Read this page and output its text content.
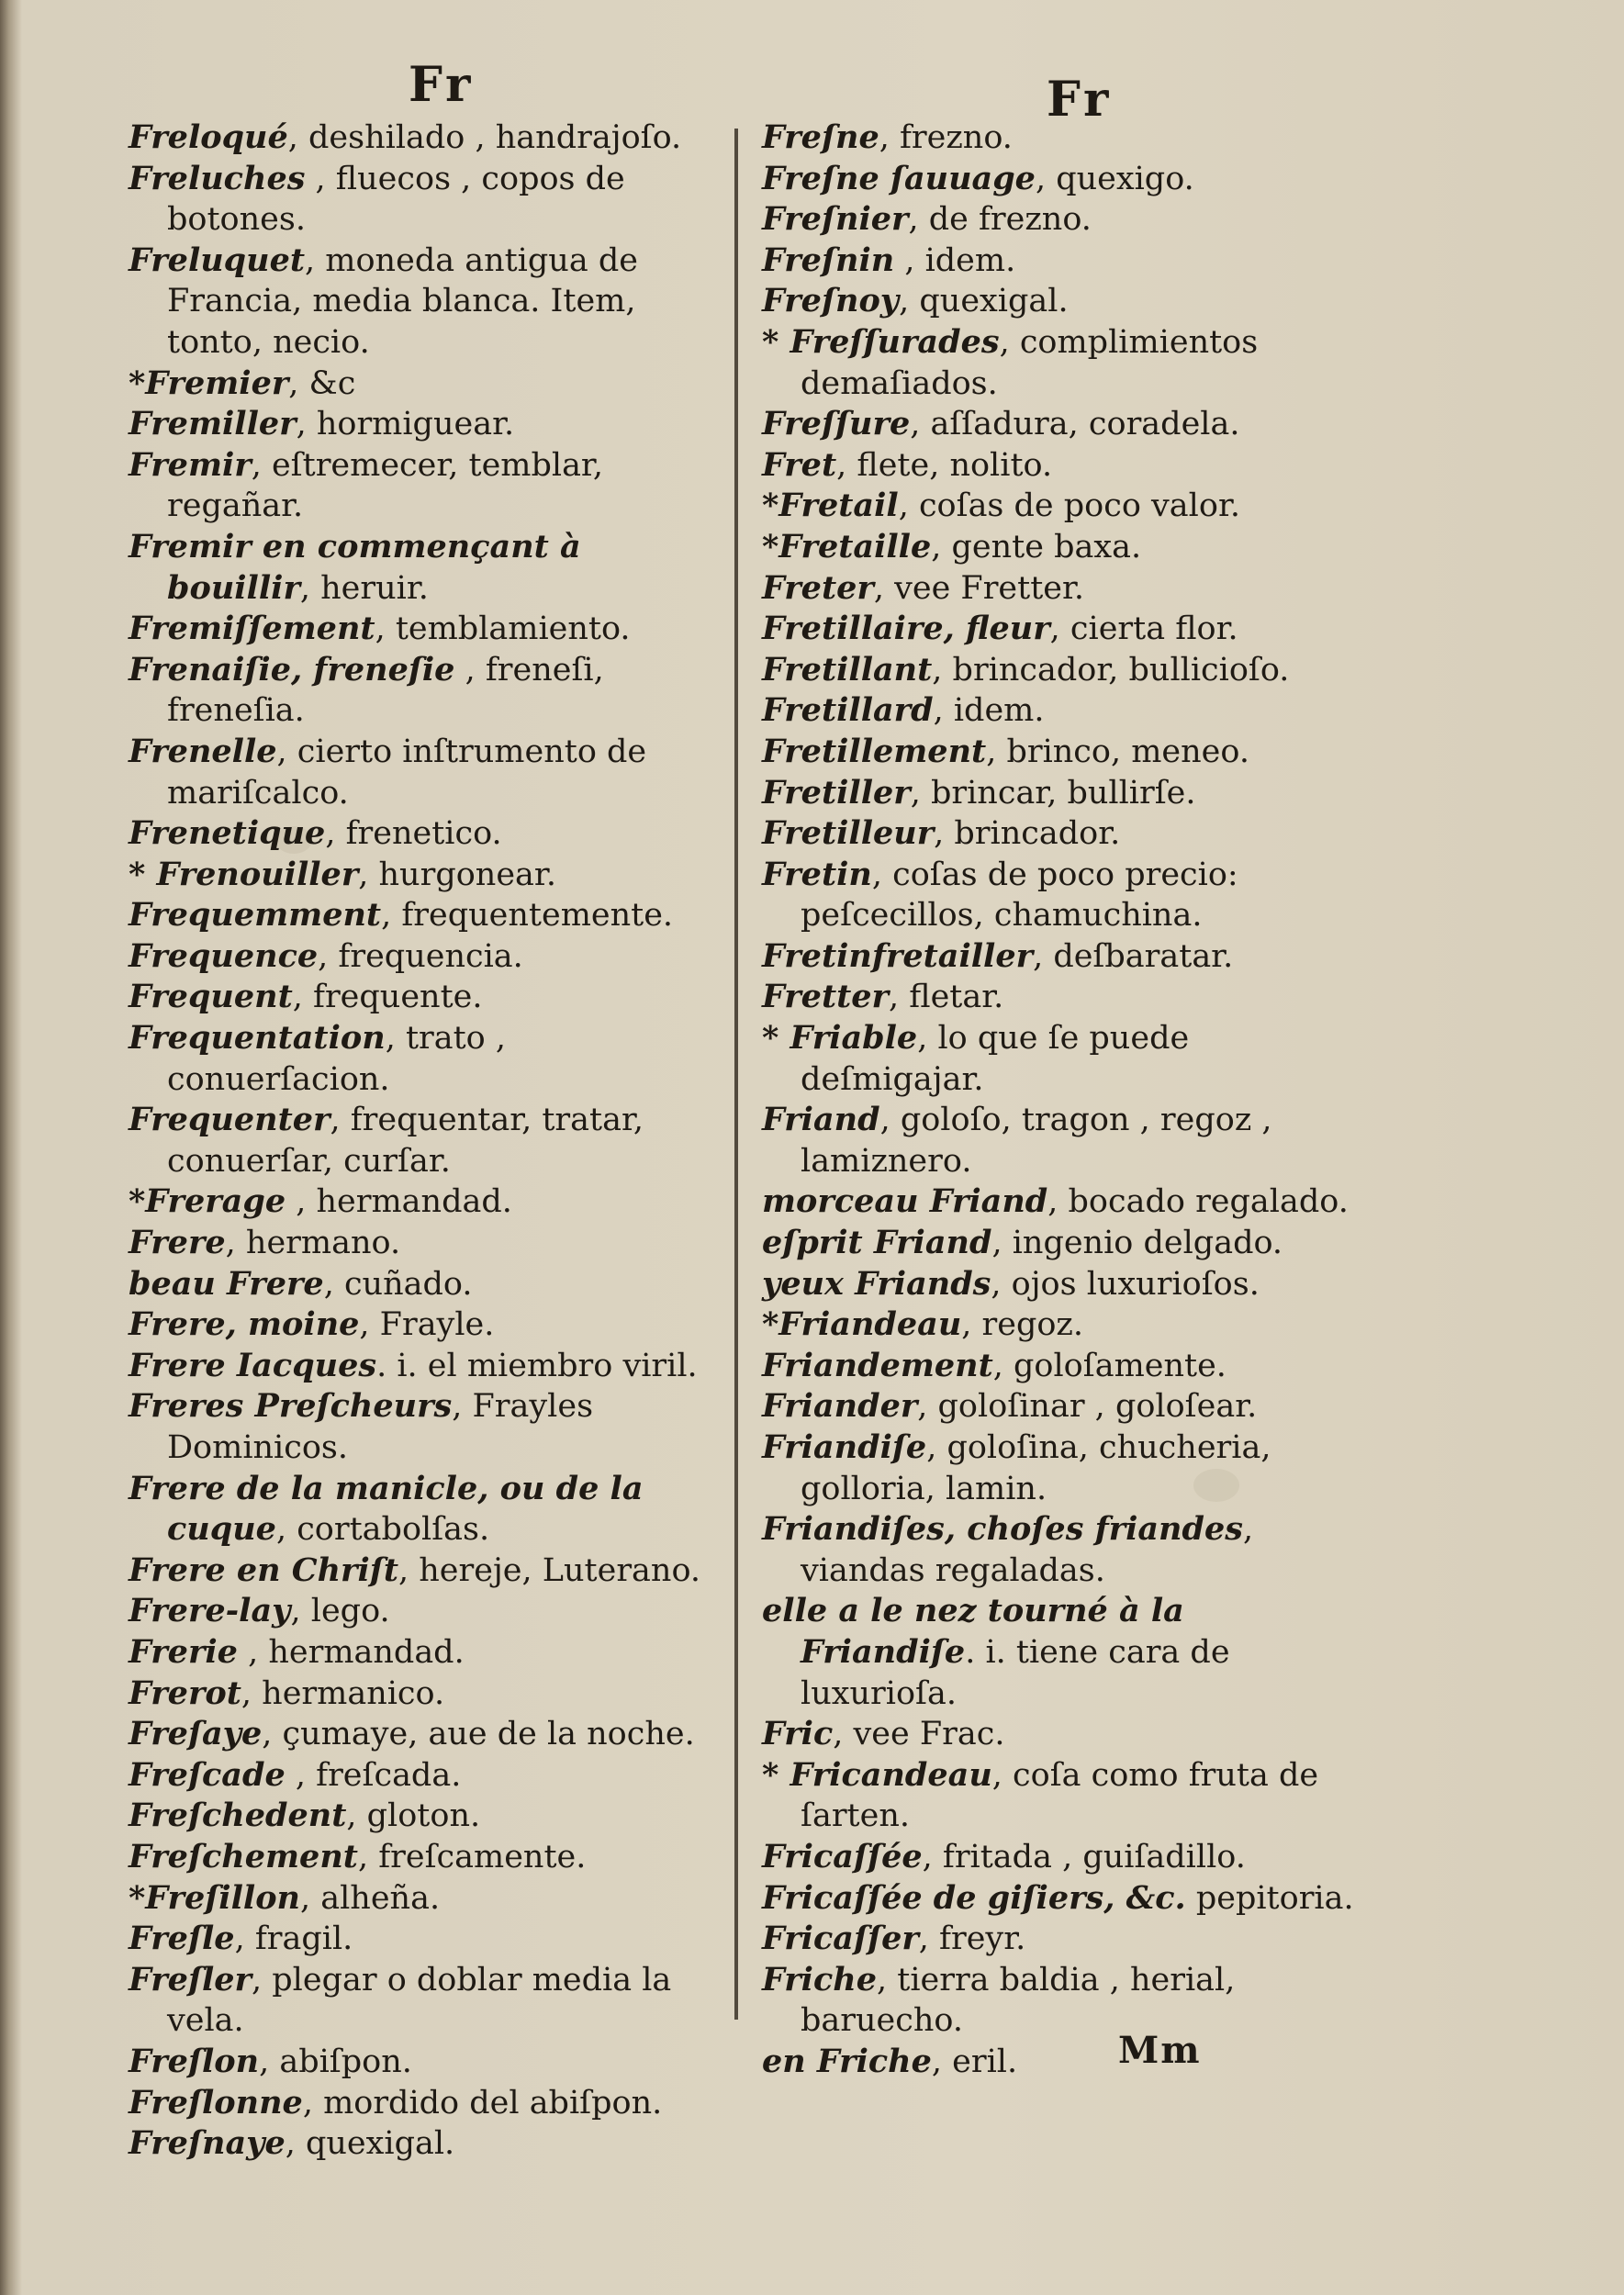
Fr	Fr
Freloqué, deshilado , handrajoſo.
Freluches , fluecos , copos de botones.
Freluquet, moneda antigua de Francia, media blanca. Item, tonto, necio.
*Fremier, &c
Fremiller, hormiguear.
Fremir, eſtremecer, temblar, regañar.
Fremir en commençant à bouillir, heruir.
Fremiſſement, temblamiento.
Frenaiſie, freneſie , freneſi, freneſia.
Frenelle, cierto inſtrumento de mariſcalco.
Frenetique, frenetico.
* Frenouiller, hurgonear.
Frequemment, frequentemente.
Frequence, frequencia.
Frequent, frequente.
Frequentation, trato , conuerſacion.
Frequenter, frequentar, tratar, conuerſar, curſar.
*Frerage , hermandad.
Frere, hermano.
beau Frere, cuñado.
Frere, moine, Frayle.
Frere Iacques. i. el miembro viril.
Freres Preſcheurs, Frayles Dominicos.
Frere de la manicle, ou de la cuque, cortabolſas.
Frere en Chriſt, hereje, Luterano.
Frere-lay, lego.
Frerie , hermandad.
Frerot, hermanico.
Freſaye, çumaye, aue de la noche.
Freſcade , freſcada.
Freſchedent, gloton.
Freſchement, freſcamente.
*Freſillon, alheña.
Freſle, fragil.
Freſler, plegar o doblar media la vela.
Freſlon, abiſpon.
Freſlonne, mordido del abiſpon.
Freſnaye, quexigal.
Freſne, frezno.
Freſne ſauuage, quexigo.
Freſnier, de frezno.
Freſnin , idem.
Freſnoy, quexigal.
* Freſſurades, complimientos demaſiados.
Freſſure, aſſadura, coradela.
Fret, flete, nolito.
*Fretail, coſas de poco valor.
*Fretaille, gente baxa.
Freter, vee Fretter.
Fretillaire, fleur, cierta flor.
Fretillant, brincador, bulliciοſo.
Fretillard, idem.
Fretillement, brinco, meneo.
Fretiller, brincar, bullirſe.
Fretilleur, brincador.
Fretin, coſas de poco precio: peſcecillos, chamuchina.
Fretinfretailler, deſbaratar.
Fretter, fletar.
* Friable, lo que ſe puede deſmigajar.
Friand, goloſo, tragon , regoz , lamiznero.
morceau Friand, bocado regalado.
eſprit Friand, ingenio delgado.
yeux Friands, ojos luxurioſos.
*Friandeau, regoz.
Friandement, goloſamente.
Friander, goloſinar , goloſear.
Friandiſe, goloſina, chucheria, golloria, lamin.
Friandiſes, choſes friandes, viandas regaladas.
elle a le nez tourné à la Friandiſe. i. tiene cara de luxurioſa.
Fric, vee Frac.
* Fricandeau, coſa como fruta de ſarten.
Fricaſſée, fritada , guiſadillo.
Fricaſſée de giſiers, &c. pepitoria.
Fricaſſer, freyr.
Friche, tierra baldia , herial, baruecho.
en Friche, eril.	Mm
